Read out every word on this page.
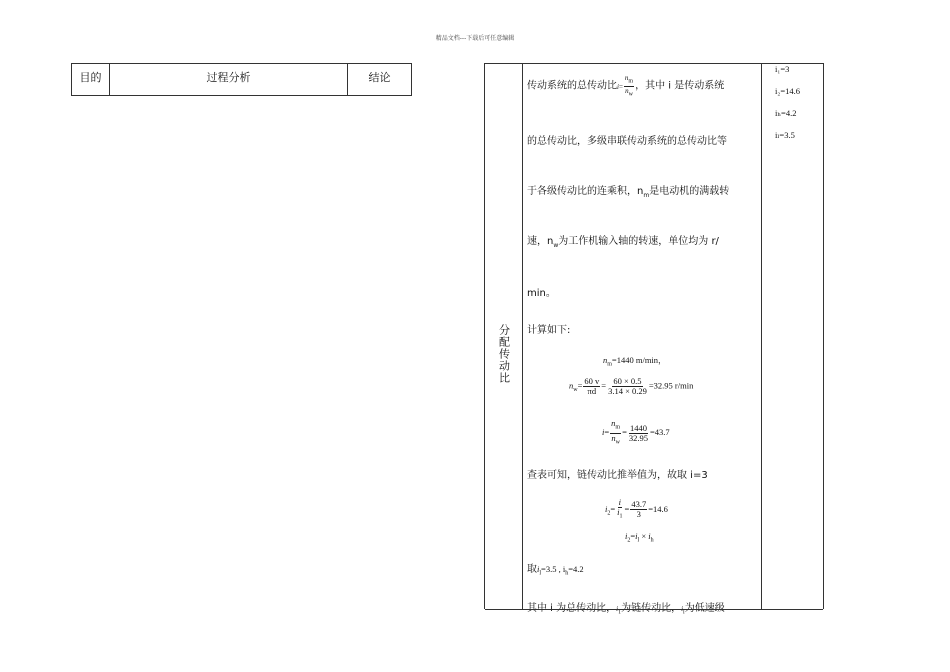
精品文档---下载后可任意编辑
目的	过程分析	结论
分配传动比
传动系统的总传动比$i= \frac{n_m}{n_w}$ ，其中 i 是传动系统
的总传动比，多级串联传动系统的总传动比等
于各级传动比的连乘积，$n_m$是电动机的满载转
速，$n_w$为工作机输入轴的转速，单位均为 r/
min。
计算如下:
$n_m=1440$ m/min，
$n_w= \frac{60 v}{\pi d} = \frac{60 \times 0.5}{3.14 \times 0.29} =32.95$ r/min
$i= \frac{n_m}{n_w} = \frac{1440}{32.95} =43.7$
查表可知，链传动比推举值为，故取 i=3
$i_2= \frac{i}{i_1} = \frac{43.7}{3} =14.6$
$i_2=i_l \times i_h$
取$i_l=3.5$ , $i_h=4.2$
其中 i 为总传动比，$i_1$为链传动比，$i_l$为低速级
i₁=3
i₂=14.6
iₕ=4.2
iₗ=3.5
